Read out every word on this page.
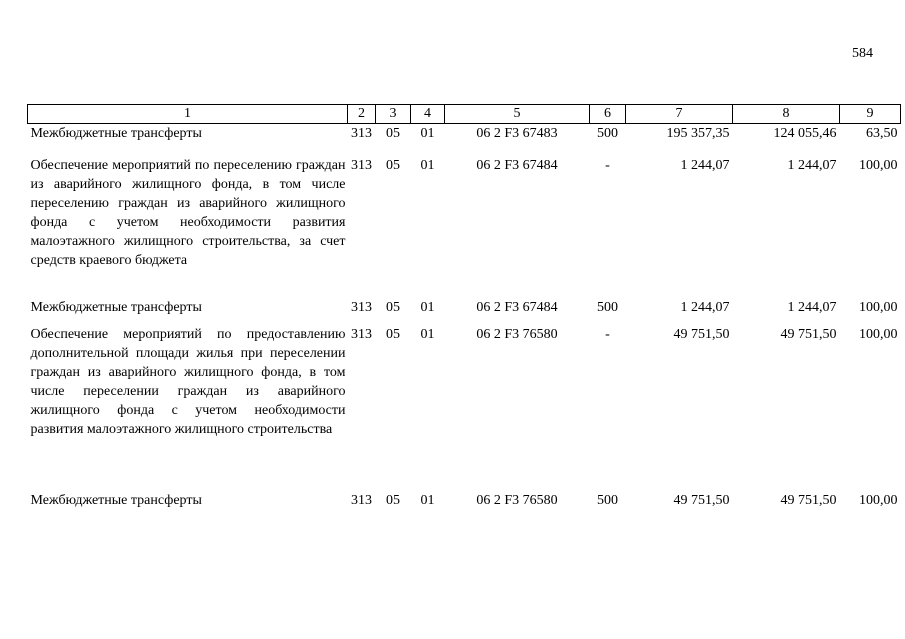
584
1	2	3	4	5	6	7	8	9
Межбюджетные трансферты	313	05	01	06 2 F3 67483	500	195 357,35	124 055,46	63,50
Обеспечение мероприятий по переселению граждан из аварийного жилищного фонда, в том числе переселению граждан из аварийного жилищного фонда с учетом необходимости развития малоэтажного жилищного строительства, за счет средств краевого бюджета	313	05	01	06 2 F3 67484	-	1 244,07	1 244,07	100,00
Межбюджетные трансферты	313	05	01	06 2 F3 67484	500	1 244,07	1 244,07	100,00
Обеспечение мероприятий по предоставлению дополнительной площади жилья при переселении граждан из аварийного жилищного фонда, в том числе переселении граждан из аварийного жилищного фонда с учетом необходимости развития малоэтажного жилищного строительства	313	05	01	06 2 F3 76580	-	49 751,50	49 751,50	100,00
Межбюджетные трансферты	313	05	01	06 2 F3 76580	500	49 751,50	49 751,50	100,00
